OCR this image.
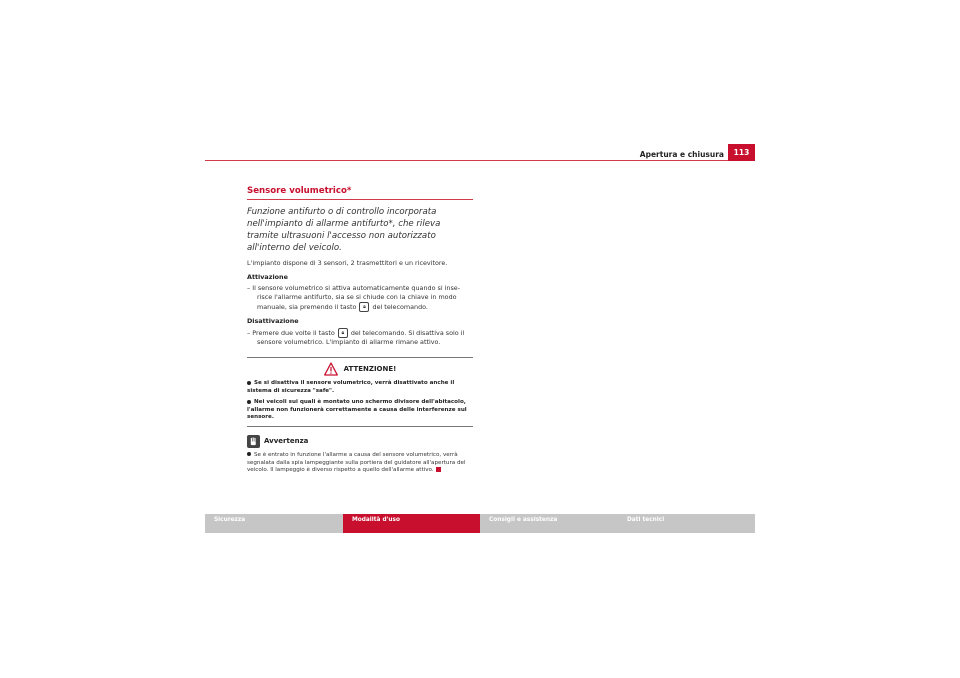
Apertura e chiusura	113
Sensore volumetrico*
Funzione antifurto o di controllo incorporata nell'impianto di allarme antifurto*, che rileva tramite ultrasuoni l'accesso non autorizzato all'interno del veicolo.
L'impianto dispone di 3 sensori, 2 trasmettitori e un ricevitore.
Attivazione
– Il sensore volumetrico si attiva automaticamente quando si inse-risce l'allarme antifurto, sia se si chiude con la chiave in modo manuale, sia premendo il tasto 🔒︎ del telecomando.
Disattivazione
– Premere due volte il tasto 🔒︎ del telecomando. Si disattiva solo il sensore volumetrico. L'impianto di allarme rimane attivo.
ATTENZIONE!
Se si disattiva il sensore volumetrico, verrà disattivato anche il sistema di sicurezza "safe".
Nei veicoli sui quali è montato uno schermo divisore dell'abitacolo, l'allarme non funzionerà correttamente a causa delle interferenze sul sensore.
Avvertenza
Se è entrato in funzione l'allarme a causa del sensore volumetrico, verrà segnalata dalla spia lampeggiante sulla portiera del guidatore all'apertura del veicolo. Il lampeggio è diverso rispetto a quello dell'allarme attivo.
Sicurezza	Modalità d'uso	Consigli e assistenza	Dati tecnici
